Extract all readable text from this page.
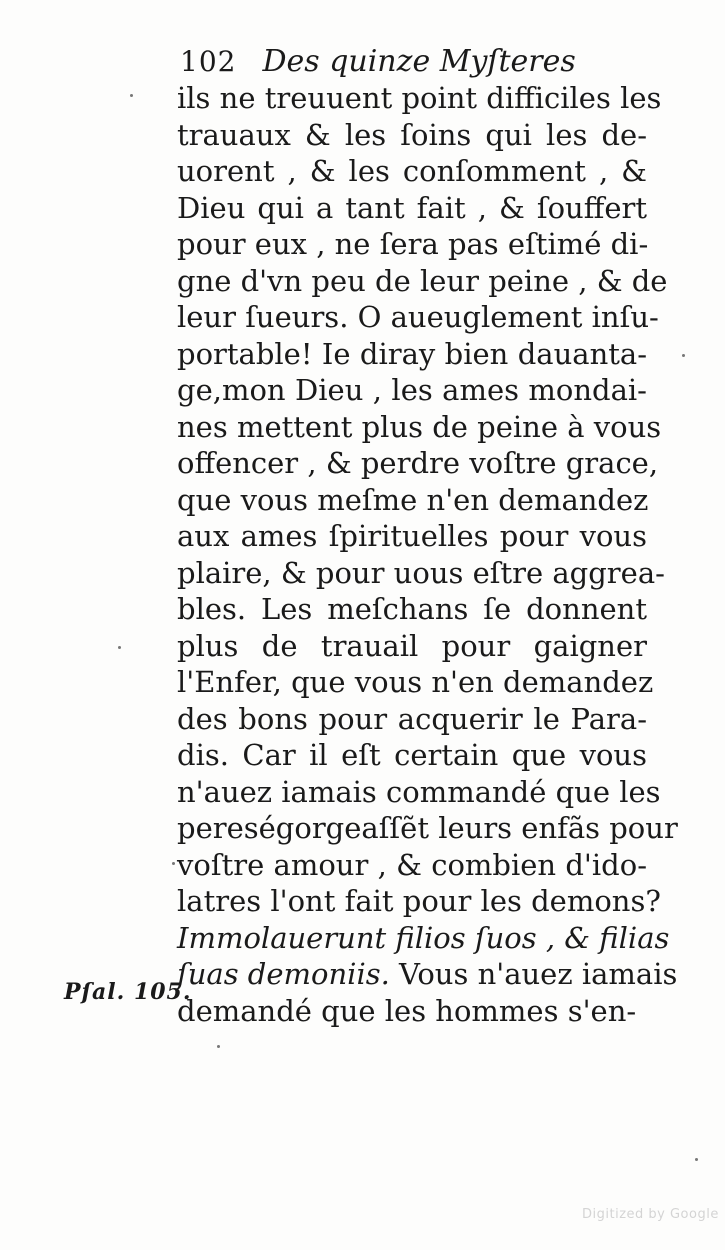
102 Des quinze Myſteres
ils ne treuuent point difficiles les
trauaux & les ſoins qui les de-
uorent , & les conſomment , &
Dieu qui a tant fait , & ſouffert
pour eux , ne ſera pas eſtimé di-
gne d'vn peu de leur peine , & de
leur ſueurs. O aueuglement inſu-
portable! Ie diray bien dauanta-
ge,mon Dieu , les ames mondai-
nes mettent plus de peine à vous
offencer , & perdre voſtre grace,
que vous meſme n'en demandez
aux ames ſpirituelles pour vous
plaire, & pour uous eſtre aggrea-
bles. Les meſchans ſe donnent
plus de trauail pour gaigner
l'Enfer, que vous n'en demandez
des bons pour acquerir le Para-
dis. Car il eſt certain que vous
n'auez iamais commandé que les
pereségorgeaſſẽt leurs enfãs pour
voſtre amour , & combien d'ido-
latres l'ont fait pour les demons?
Immolauerunt filios ſuos , & filias
ſuas demoniis. Vous n'auez iamais
demandé que les hommes s'en-
Pſal. 105.
Digitized by Google
